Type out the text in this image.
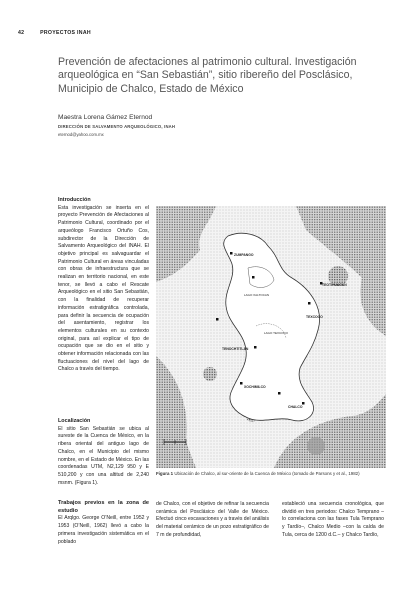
42	PROYECTOS INAH
Prevención de afectaciones al patrimonio cultural. Investigación arqueológica en “San Sebastián”, sitio ribereño del Posclásico, Municipio de Chalco, Estado de México
Maestra Lorena Gámez Eternod
DIRECCIÓN DE SALVAMENTO ARQUEOLÓGICO, INAH
eternod@yahoo.com.mx
Introducción
Esta investigación se inserta en el proyecto Prevención de Afectaciones al Patrimonio Cultural, coordinado por el arqueólogo Francisco Ortuño Cos, subdirector de la Dirección de Salvamento Arqueológico del INAH. El objetivo principal es salvaguardar el Patrimonio Cultural en áreas vinculadas con obras de infraestructura que se realizan en territorio nacional, en este tenor, se llevó a cabo el Rescate Arqueológico en el sitio San Sebastián, con la finalidad de recuperar información estratigráfica controlada, para definir la secuencia de ocupación del asentamiento, registrar los elementos culturales en su contexto original, para así explicar el tipo de ocupación que se dio en el sitio y obtener información relacionada con las fluctuaciones del nivel del lago de Chalco a través del tiempo.
Localización
El sitio San Sebastián se ubica al sureste de la Cuenca de México, en la ribera oriental del antiguo lago de Chalco, en el Municipio del mismo nombre, en el Estado de México. En las coordenadas UTM, N2,129 950 y E 510,200 y con una altitud de 2,240 msnm. (Figura 1).
Trabajos previos en la zona de estudio
El Arqlgo. George O’Neill, entre 1952 y 1953 (O’Neill, 1962) llevó a cabo la primera investigación sistemática en el poblado
de Chalco, con el objetivo de refinar la secuencia cerámica del Posclásico del Valle de México. Efectuó cinco excavaciones y a través del análisis del material cerámico de un pozo estratigráfico de 7 m de profundidad,
estableció una secuencia cronológica, que dividió en tres periodos: Chalco Temprano –lo correlaciona con las fases Tula Temprano y Tardío–, Chalco Medio –con la caída de Tula, cerca de 1200 d.C.– y Chalco Tardío,
ZUMPANGO
LAGO XALTOCAN
TEOTIHUACAN
TEXCOCO
LAGO TEXCOCO
TENOCHTITLAN
XOCHIMILCO
CHALCO
Figura 1 Ubicación de Chalco, al sur-oriente de la Cuenca de México (tomado de Parsons y et al., 1982)
